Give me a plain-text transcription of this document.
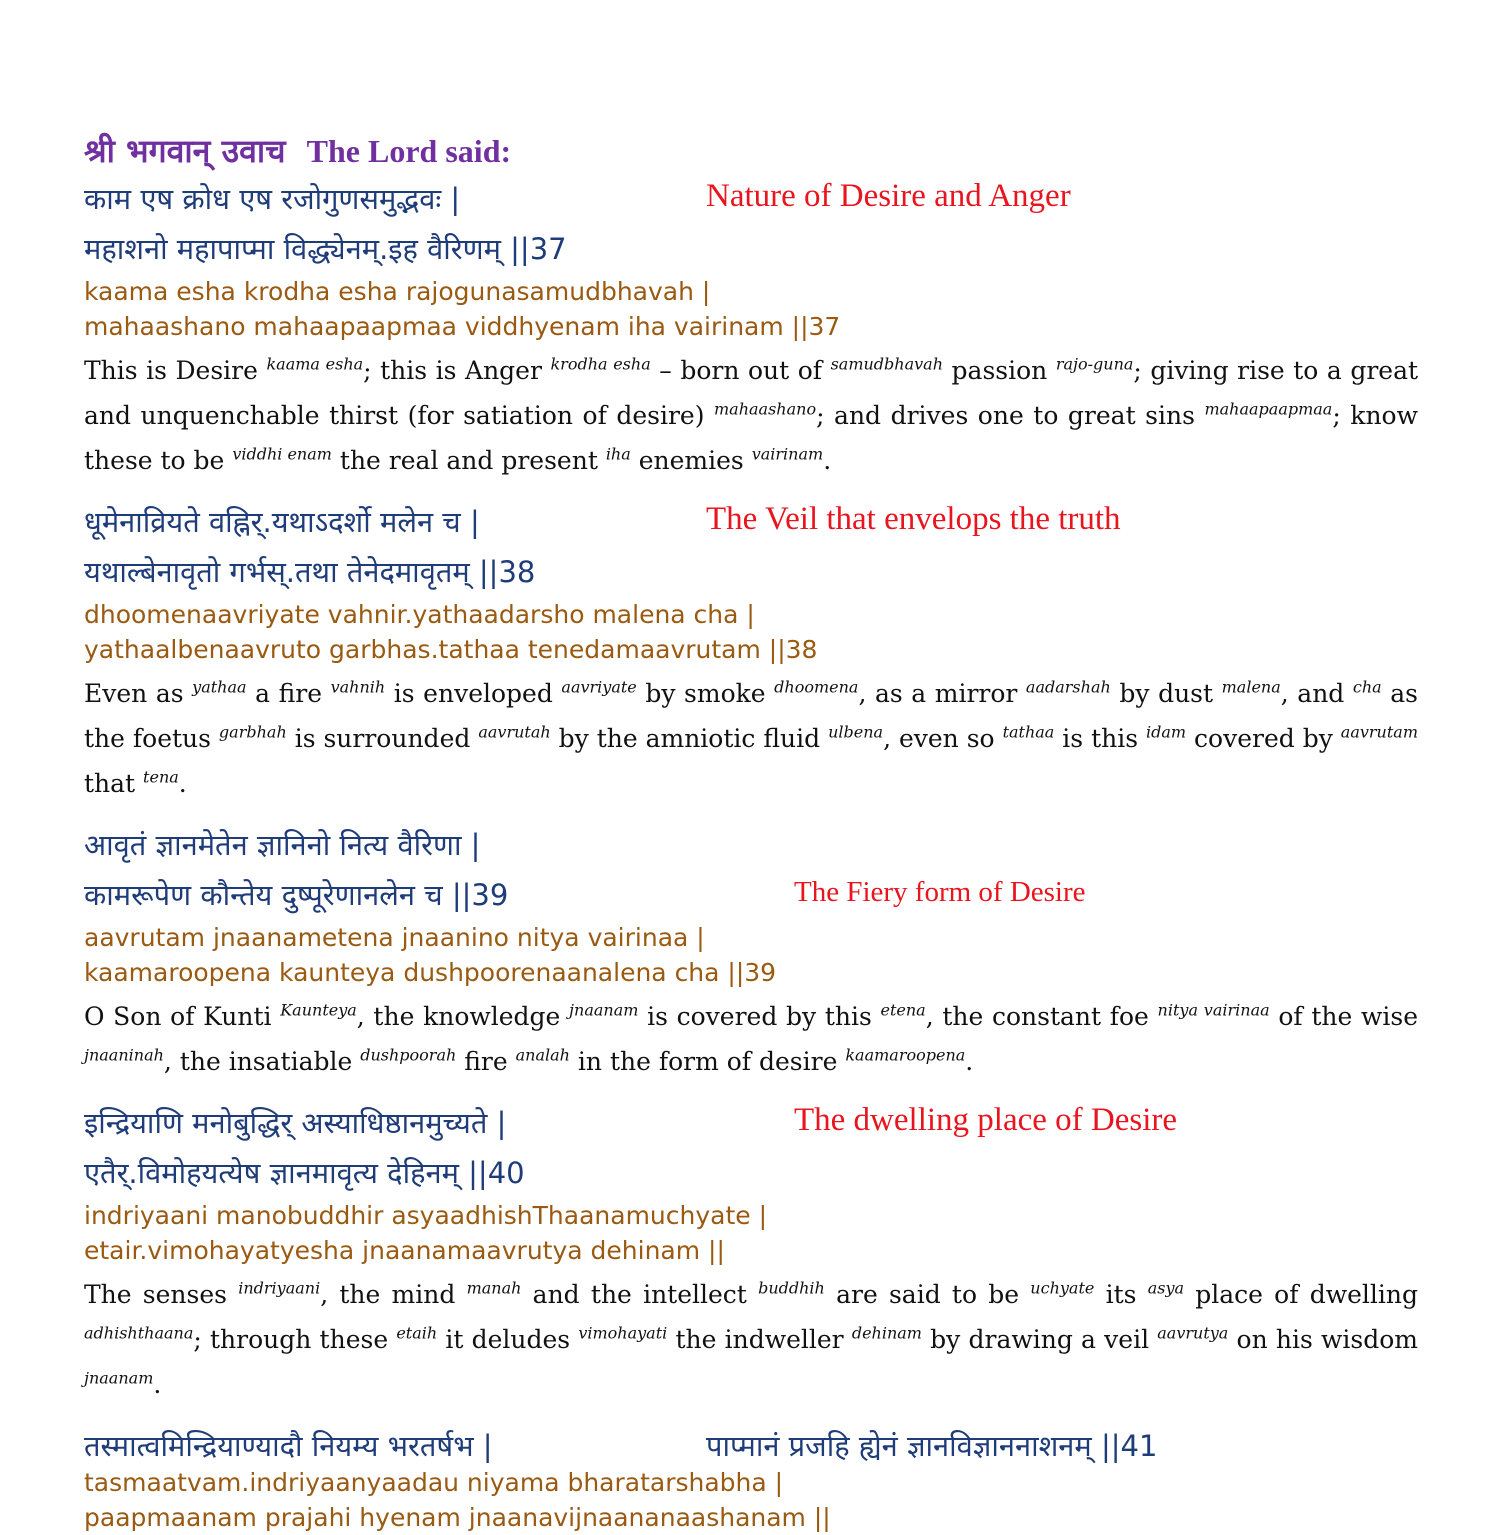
श्री भगवान् उवाच The Lord said:
काम एष क्रोध एष रजोगुणसमुद्भवः |
महाशनो महापाप्मा विद्ध्येनम्.इह वैरिणम् ||37
Nature of Desire and Anger
kaama esha krodha esha rajogunasamudbhavah |
mahaashano mahaapaapmaa viddhyenam iha vairinam ||37

This is Desire $^{kaama esha}$; this is Anger $^{krodha esha}$ – born out of $^{samudbhavah}$ passion $^{rajo-guna}$; giving rise to a great and unquenchable thirst (for satiation of desire) $^{mahaashano}$; and drives one to great sins $^{mahaapaapmaa}$; know these to be $^{viddhi enam}$ the real and present $^{iha}$ enemies $^{vairinam}$.

धूमेनाव्रियते वह्निर्.यथाऽदर्शो मलेन च |
यथाल्बेनावृतो गर्भस्.तथा तेनेदमावृतम् ||38
The Veil that envelops the truth
dhoomenaavriyate vahnir.yathaadarsho malena cha |
yathaalbenaavruto garbhas.tathaa tenedamaavrutam ||38

Even as $^{yathaa}$ a fire $^{vahnih}$ is enveloped $^{aavriyate}$ by smoke $^{dhoomena}$, as a mirror $^{aadarshah}$ by dust $^{malena}$, and $^{cha}$ as the foetus $^{garbhah}$ is surrounded $^{aavrutah}$ by the amniotic fluid $^{ulbena}$, even so $^{tathaa}$ is this $^{idam}$ covered by $^{aavrutam}$ that $^{tena}$.

आवृतं ज्ञानमेतेन ज्ञानिनो नित्य वैरिणा |
कामरूपेण कौन्तेय दुष्पूरेणानलेन च ||39	The Fiery form of Desire
aavrutam jnaanametena jnaanino nitya vairinaa |
kaamaroopena kaunteya dushpoorenaanalena cha ||39

O Son of Kunti $^{Kaunteya}$, the knowledge $^{jnaanam}$ is covered by this $^{etena}$, the constant foe $^{nitya vairinaa}$ of the wise $^{jnaaninah}$, the insatiable $^{dushpoorah}$ fire $^{analah}$ in the form of desire $^{kaamaroopena}$.

इन्द्रियाणि मनोबुद्धिर् अस्याधिष्ठानमुच्यते |
एतैर्.विमोहयत्येष ज्ञानमावृत्य देहिनम् ||40
The dwelling place of Desire
indriyaani manobuddhir asyaadhishThaanamuchyate |
etair.vimohayatyesha jnaanamaavrutya dehinam ||

The senses $^{indriyaani}$, the mind $^{manah}$ and the intellect $^{buddhih}$ are said to be $^{uchyate}$ its $^{asya}$ place of dwelling $^{adhishthaana}$; through these $^{etaih}$ it deludes $^{vimohayati}$ the indweller $^{dehinam}$ by drawing a veil $^{aavrutya}$ on his wisdom $^{jnaanam}$.

तस्मात्वमिन्द्रियाण्यादौ नियम्य भरतर्षभ |	पाप्मानं प्रजहि ह्येनं ज्ञानविज्ञाननाशनम् ||41
tasmaatvam.indriyaanyaadau niyama bharatarshabha |
paapmaanam prajahi hyenam jnaanavijnaananaashanam ||
